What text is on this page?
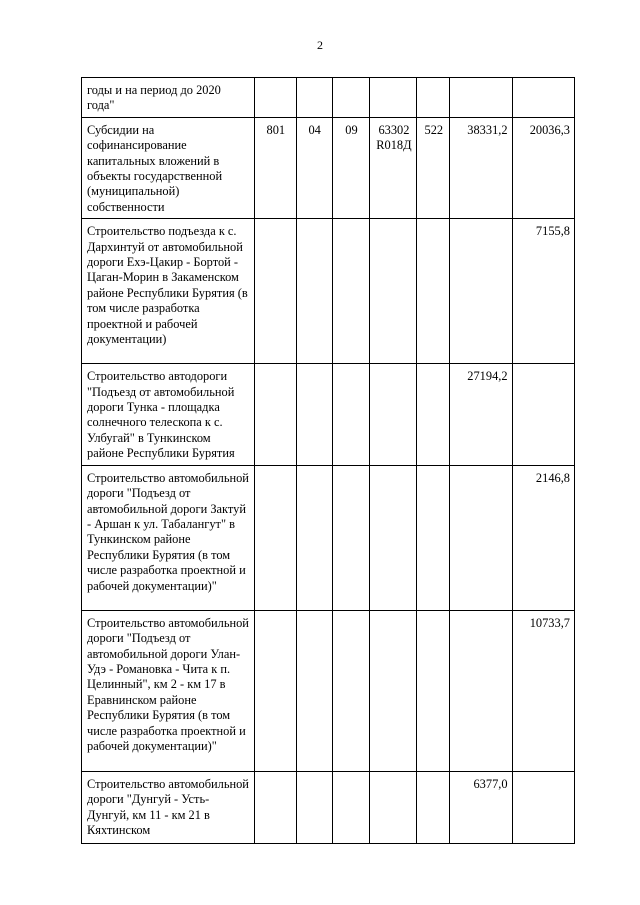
2
годы и на период до 2020 года"							
Субсидии на софинансирование капитальных вложений в объекты государственной (муниципальной) собственности	801	04	09	63302R018Д	522	38331,2	20036,3
Строительство подъезда к с. Дархинтуй от автомобильной дороги Ехэ-Цакир - Бортой - Цаган-Морин в Закаменском районе Республики Бурятия (в том числе разработка проектной и рабочей документации)							7155,8
Строительство автодороги "Подъезд от автомобильной дороги Тунка - площадка солнечного телескопа к с. Улбугай" в Тункинском районе Республики Бурятия						27194,2	
Строительство автомобильной дороги "Подъезд от автомобильной дороги Зактуй - Аршан к ул. Табалангут" в Тункинском районе Республики Бурятия (в том числе разработка проектной и рабочей документации)"							2146,8
Строительство автомобильной дороги "Подъезд от автомобильной дороги Улан-Удэ - Романовка - Чита к п. Целинный", км 2 - км 17 в Еравнинском районе Республики Бурятия (в том числе разработка проектной и рабочей документации)"							10733,7
Строительство автомобильной дороги "Дунгуй - Усть-Дунгуй, км 11 - км 21 в Кяхтинском						6377,0	
